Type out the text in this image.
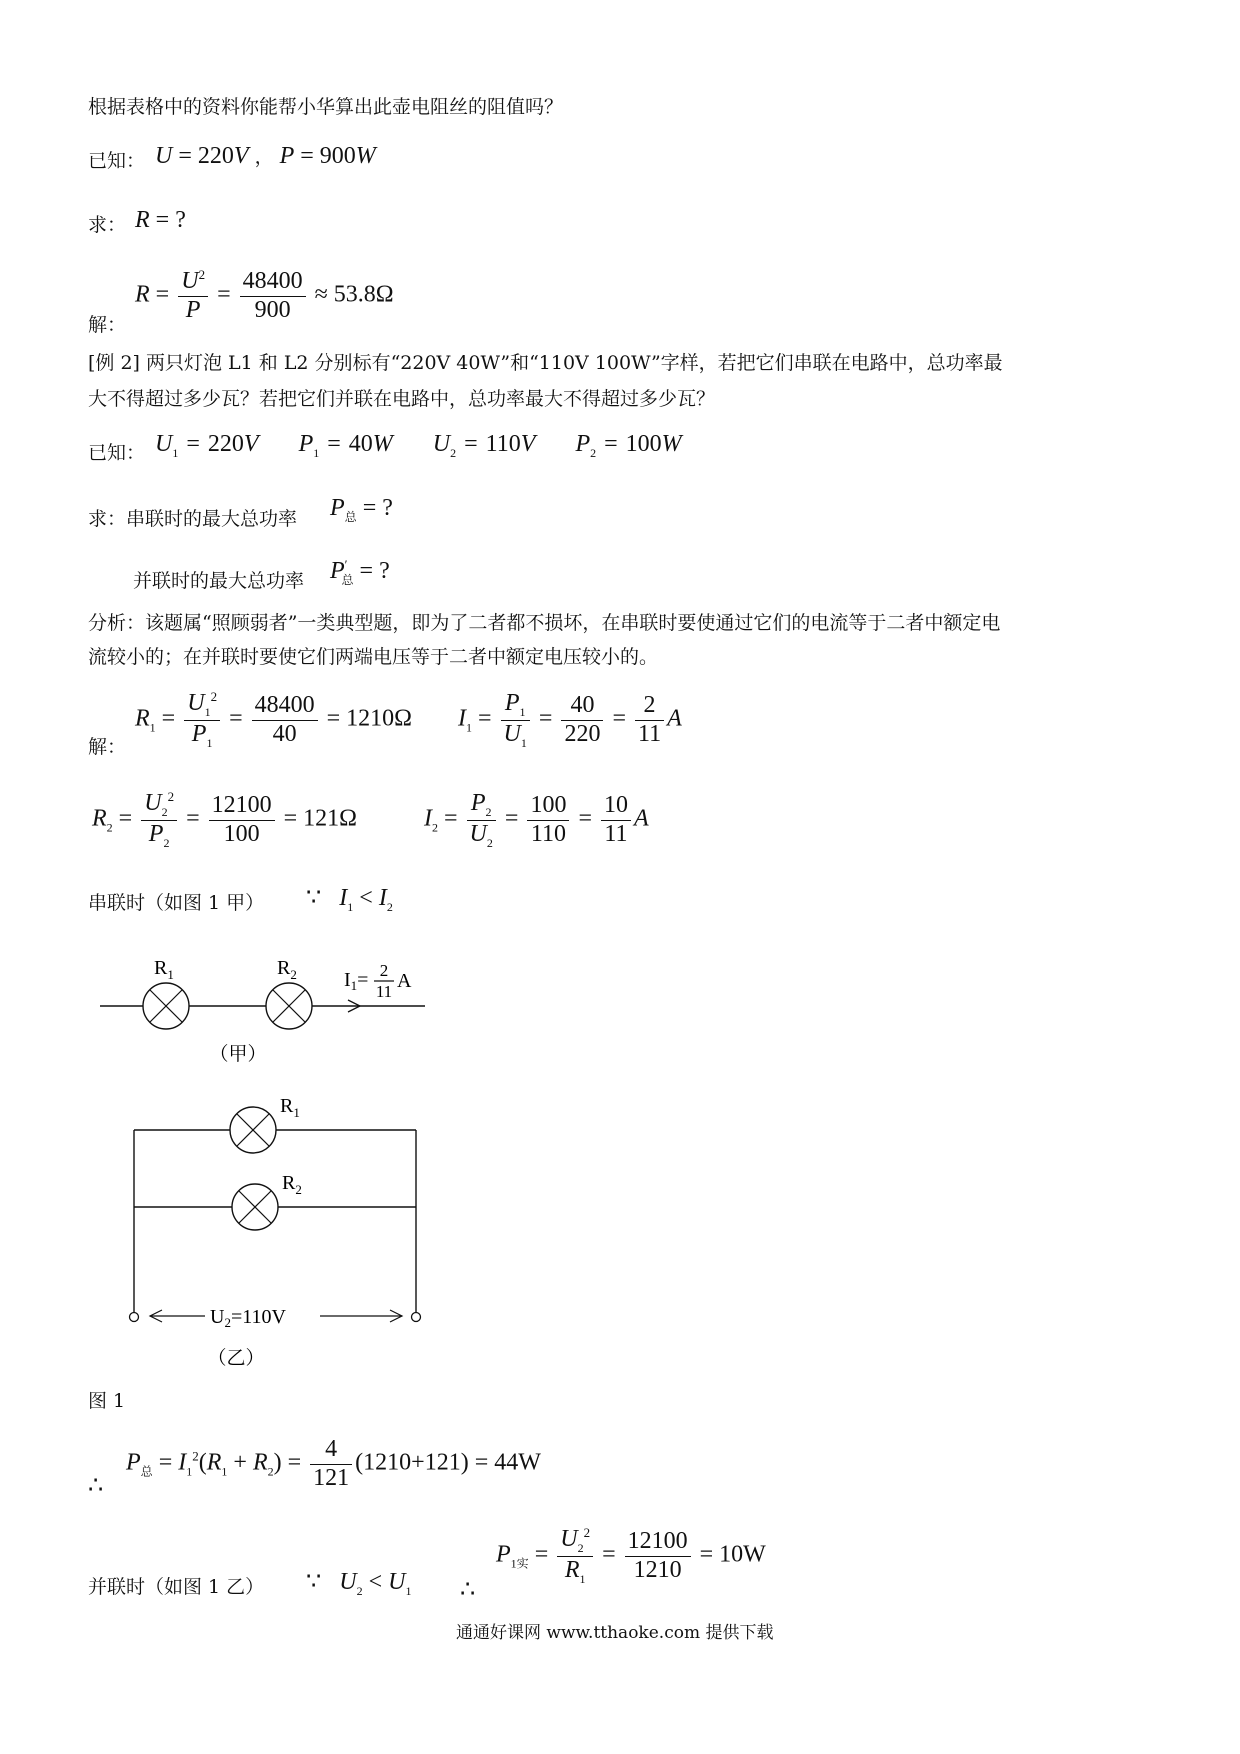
根据表格中的资料你能帮小华算出此壶电阻丝的阻值吗？
已知： U = 220V ， P = 900W
求： R = ?
解：
$R = \frac{U^2}{P} = \frac{48400}{900} \approx 53.8\Omega$
[例 2] 两只灯泡 L1 和 L2 分别标有“220V 40W”和“110V 100W”字样，若把它们串联在电路中，总功率最
大不得超过多少瓦？若把它们并联在电路中，总功率最大不得超过多少瓦？
已知： $U_1 = 220V$ $P_1 = 40W$ $U_2 = 110V$ $P_2 = 100W$
求：串联时的最大总功率 $P_总$ = ?
并联时的最大总功率 $P'_总$ = ?
分析：该题属“照顾弱者”一类典型题，即为了二者都不损坏，在串联时要使通过它们的电流等于二者中额定电
流较小的；在并联时要使它们两端电压等于二者中额定电压较小的。
解：
$R_1 = \frac{U_1^2}{P_1} = \frac{48400}{40} = 1210\Omega$ $I_1 = \frac{P_1}{U_1} = \frac{40}{220} = \frac{2}{11}$ A
$R_2 = \frac{U_2^2}{P_2} = \frac{12100}{100} = 121\Omega$	$I_2 = \frac{P_2}{U_2} = \frac{100}{110} = \frac{10}{11}$ A
串联时（如图 1 甲） ∵ $I_1 < I_2$
$R_1$	$R_2$ $I_1= 2$
11 A
（甲）
$R_1$
$R_2$
$U_2=110V$
（乙）
图 1
∴
$P_总 = I_1^2(R_1 + R_2) = \frac{4}{121} (1210+121) = 44W$
并联时（如图 1 乙） ∵ $U_2 < U_1$ ∴
$P_{1实} = \frac{U_2^2}{R_1} = \frac{12100}{1210} = 10W$
通通好课网 www.tthaoke.com 提供下载
